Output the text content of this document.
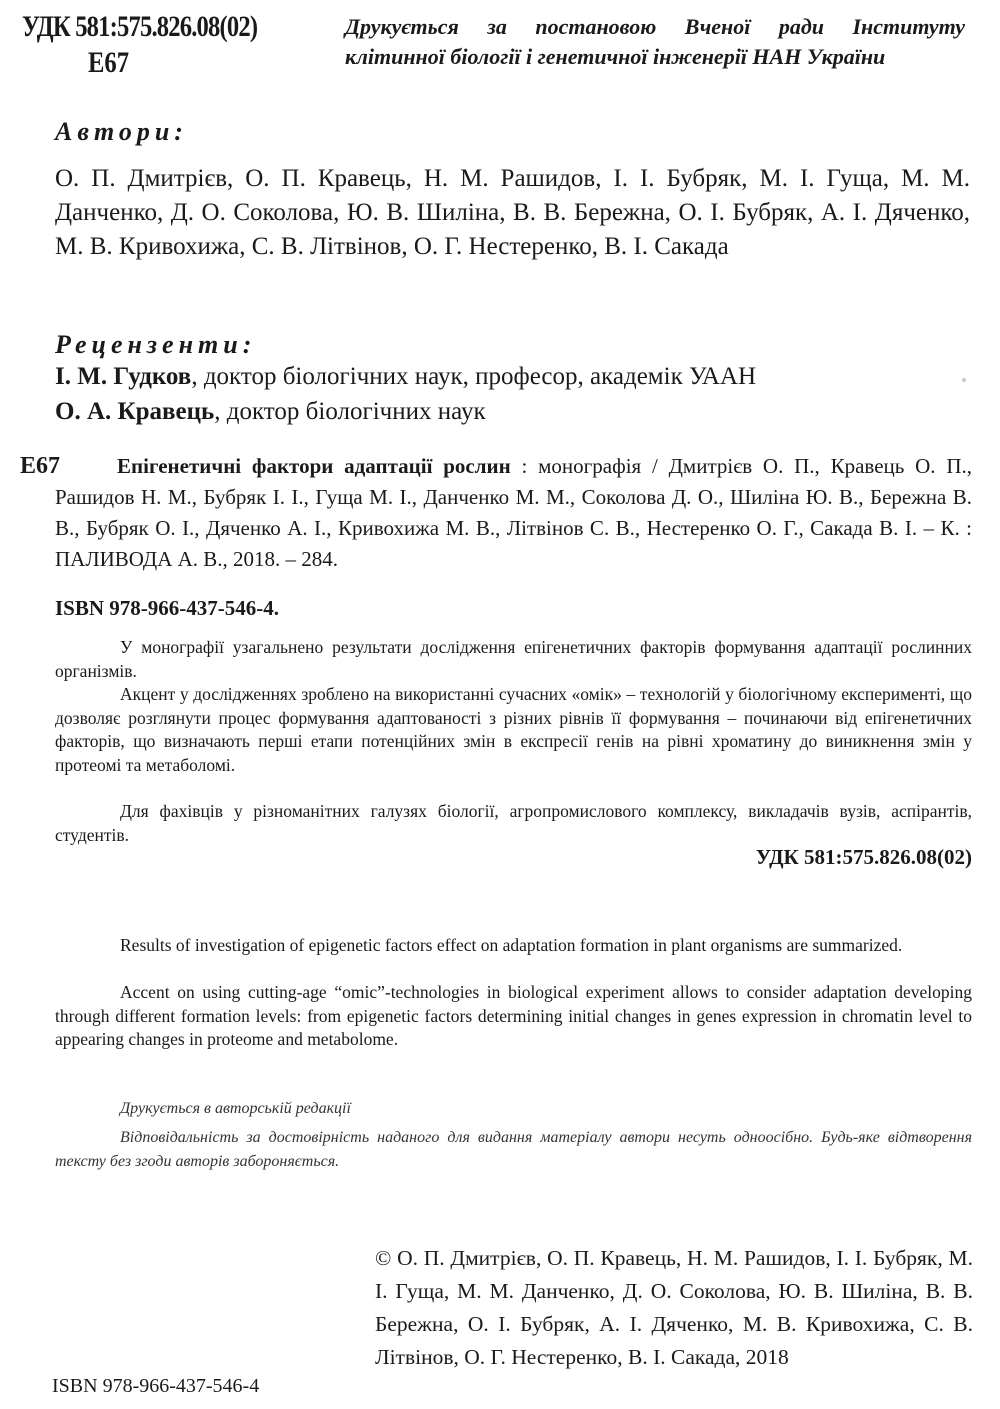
УДК 581:575.826.08(02)
Е67
Друкується за постановою Вченої ради Інституту
клітинної біології і генетичної інженерії НАН України
Автори:
О. П. Дмитрієв, О. П. Кравець, Н. М. Рашидов, І. І. Бубряк, М. І. Гуща, М. М. Данченко, Д. О. Соколова, Ю. В. Шиліна, В. В. Бережна, О. І. Бубряк, А. І. Дяченко, М. В. Кривохижа, С. В. Літвінов, О. Г. Нестеренко, В. І. Сакада
Рецензенти:
І. М. Гудков, доктор біологічних наук, професор, академік УААН
О. А. Кравець, доктор біологічних наук
Е67	Епігенетичні фактори адаптації рослин : монографія / Дмитрієв О. П., Кравець О. П., Рашидов Н. М., Бубряк І. І., Гуща М. І., Данченко М. М., Соколова Д. О., Шиліна Ю. В., Бережна В. В., Бубряк О. І., Дяченко А. І., Кривохижа М. В., Літвінов С. В., Нестеренко О. Г., Сакада В. І. – К. : ПАЛИВОДА А. В., 2018. – 284.
ISBN 978-966-437-546-4.
У монографії узагальнено результати дослідження епігенетичних факторів формування адаптації рослинних організмів.
Акцент у дослідженнях зроблено на використанні сучасних «омік» – технологій у біологічному експерименті, що дозволяє розглянути процес формування адаптованості з різних рівнів її формування – починаючи від епігенетичних факторів, що визначають перші етапи потенційних змін в експресії генів на рівні хроматину до виникнення змін у протеомі та метаболомі.
Для фахівців у різноманітних галузях біології, агропромислового комплексу, викладачів вузів, аспірантів, студентів.
УДК 581:575.826.08(02)
Results of investigation of epigenetic factors effect on adaptation formation in plant organisms are summarized.
Accent on using cutting-age “omic”-technologies in biological experiment allows to consider adaptation developing through different formation levels: from epigenetic factors determining initial changes in genes expression in chromatin level to appearing changes in proteome and metabolome.
Друкується в авторській редакції
Відповідальність за достовірність наданого для видання матеріалу автори несуть одноосібно. Будь-яке відтворення тексту без згоди авторів забороняється.
ISBN 978-966-437-546-4
© О. П. Дмитрієв, О. П. Кравець, Н. М. Рашидов, І. І. Бубряк, М. І. Гуща, М. М. Данченко, Д. О. Соколова, Ю. В. Шиліна, В. В. Бережна, О. І. Бубряк, А. І. Дяченко, М. В. Кривохижа, С. В. Літвінов, О. Г. Нестеренко, В. І. Сакада, 2018
